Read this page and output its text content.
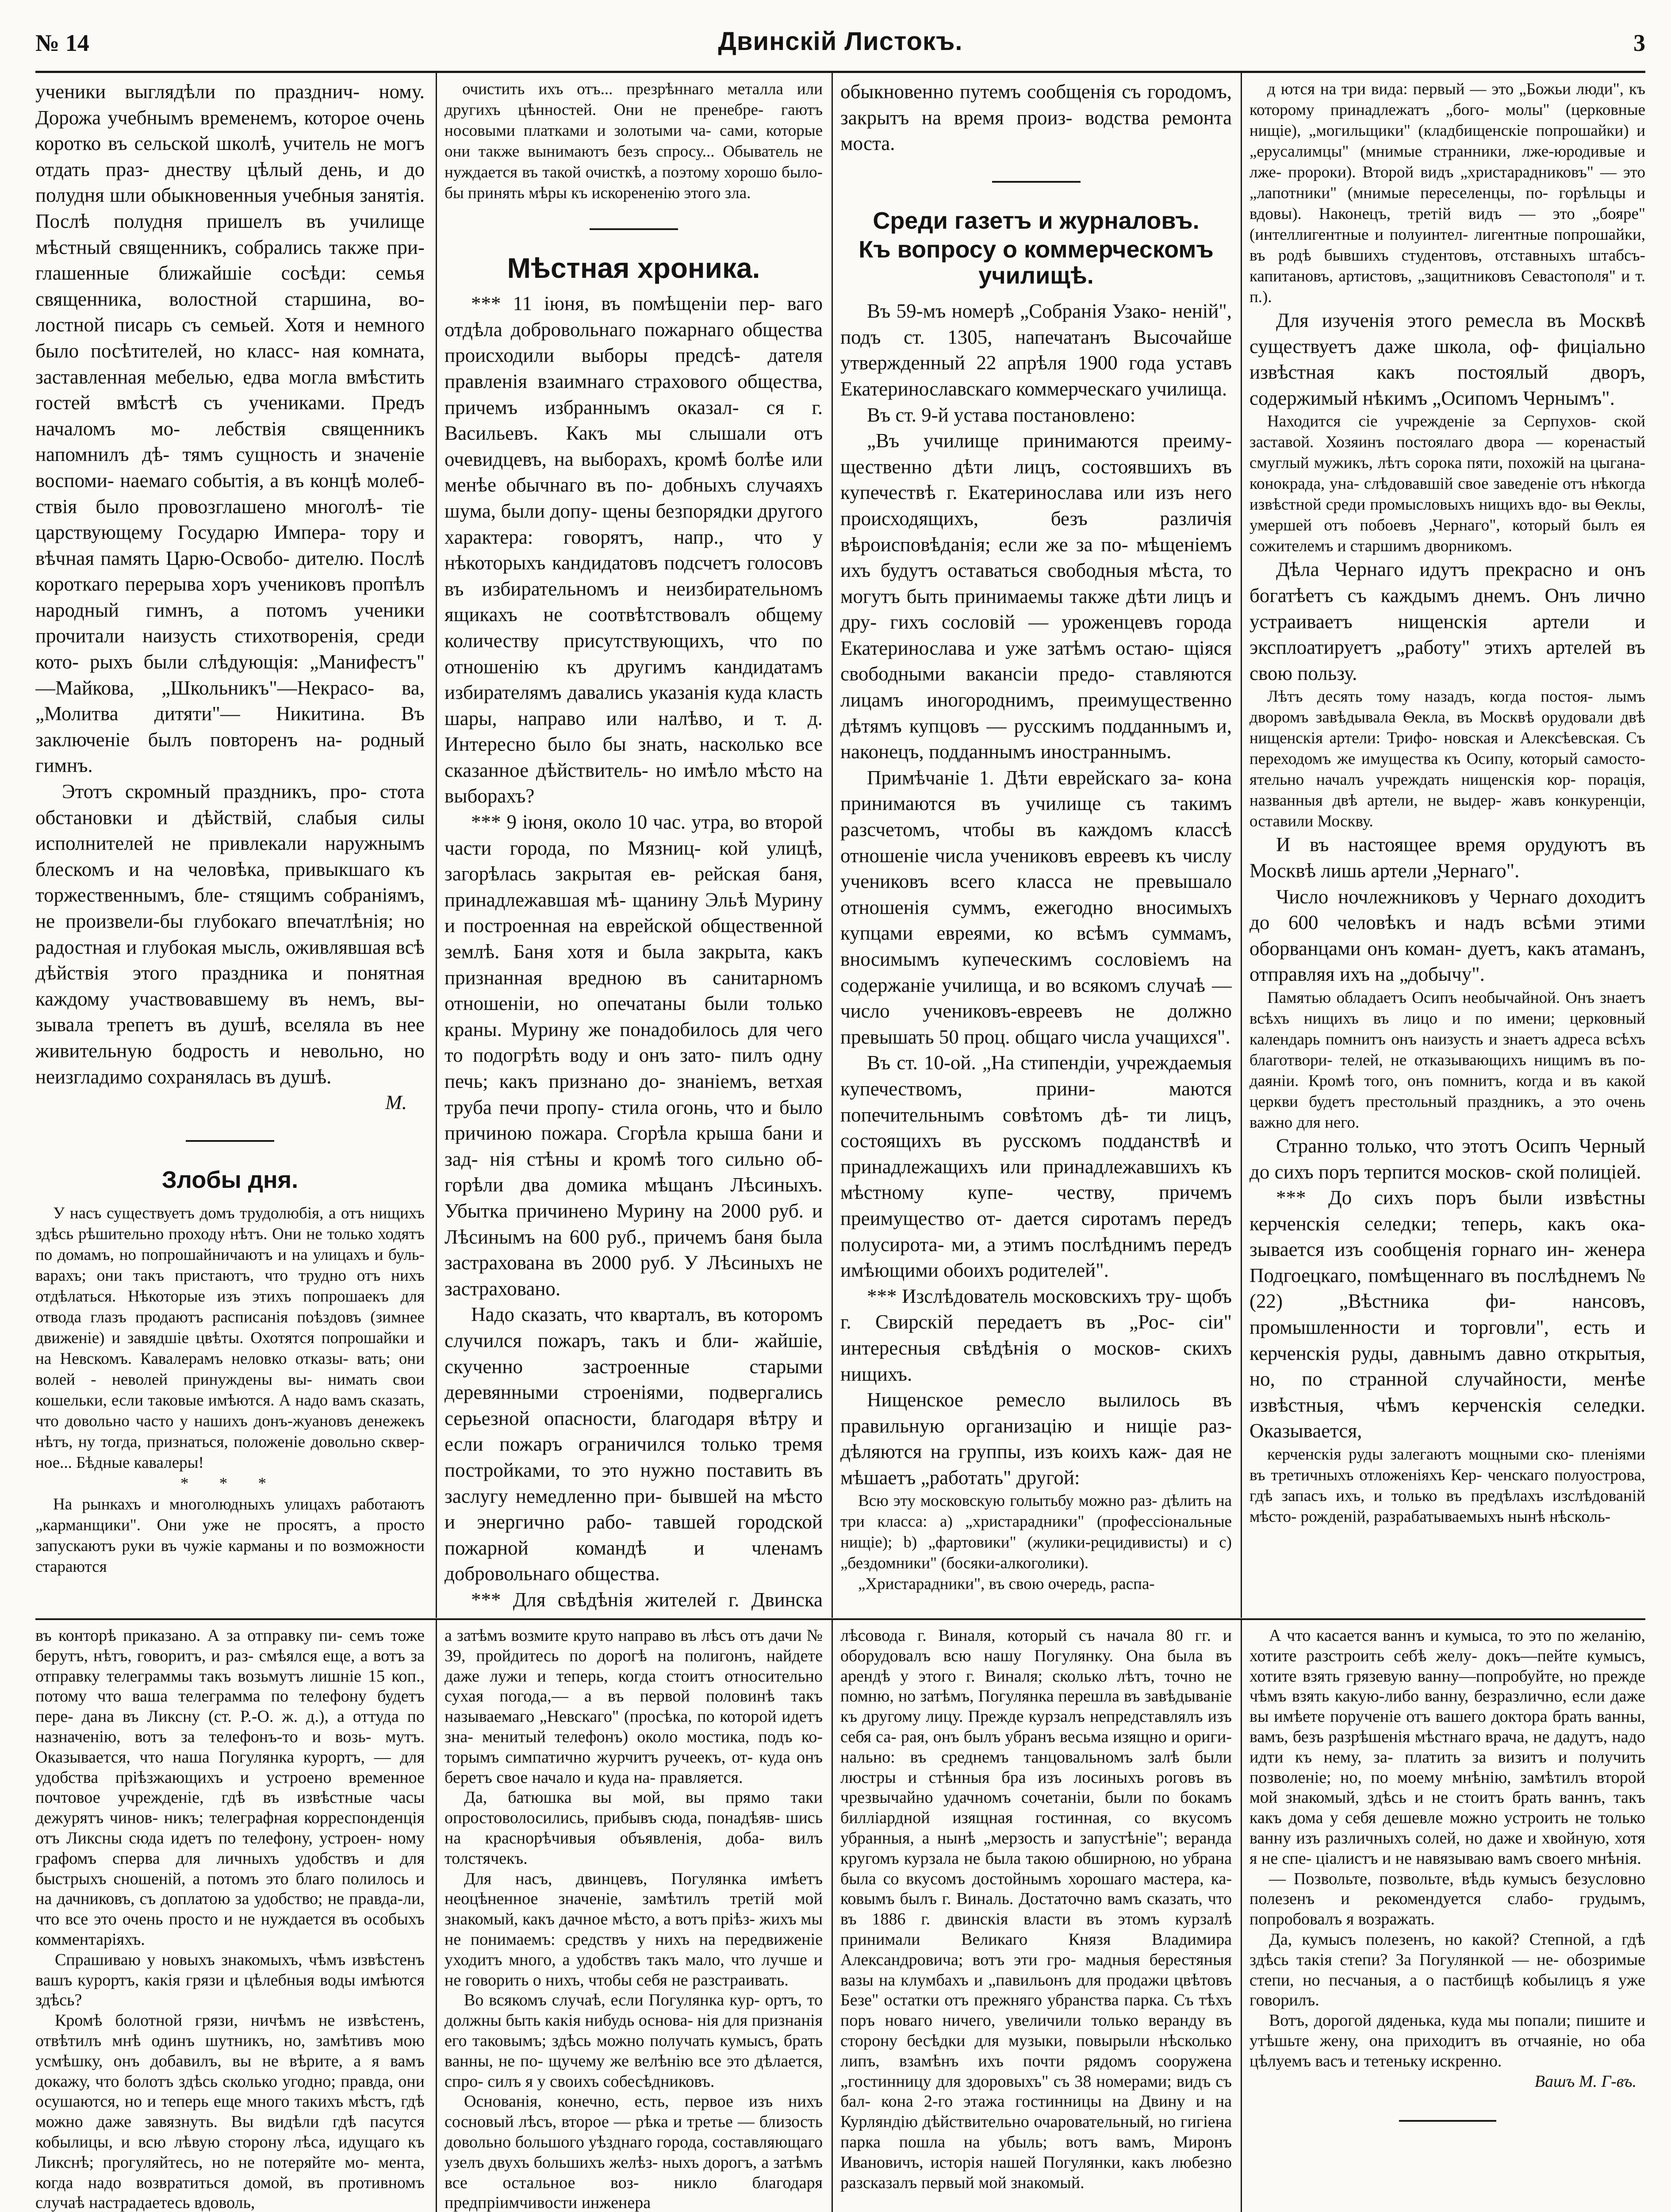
№ 14	Двинскій Листокъ.	3

ученики выглядѣли по празднич- ному. Дорожа учебнымъ временемъ, которое очень коротко въ сельской школѣ, учитель не могъ отдать праз- днеству цѣлый день, и до полудня шли обыкновенныя учебныя занятія. Послѣ полудня пришелъ въ училище мѣстный священникъ, собрались также при- глашенные ближайшіе сосѣди: семья священника, волостной старшина, во- лостной писарь съ семьей. Хотя и немного было посѣтителей, но класс- ная комната, заставленная мебелью, едва могла вмѣстить гостей вмѣстѣ съ учениками. Предъ началомъ мо- лебствія священникъ напомнилъ дѣ- тямъ сущность и значеніе воспоми- наемаго событія, а въ концѣ молеб- ствія было провозглашено многолѣ- тіе царствующему Государю Импера- тору и вѣчная память Царю-Освобо- дителю. Послѣ короткаго перерыва хоръ учениковъ пропѣлъ народный гимнъ, а потомъ ученики прочитали наизусть стихотворенія, среди кото- рыхъ были слѣдующія: „Манифестъ" —Майкова, „Школьникъ"—Некрасо- ва, „Молитва дитяти"— Никитина. Въ заключеніе былъ повторенъ на- родный гимнъ.

Этотъ скромный праздникъ, про- стота обстановки и дѣйствій, слабыя силы исполнителей не привлекали наружнымъ блескомъ и на человѣка, привыкшаго къ торжественнымъ, бле- стящимъ собраніямъ, не произвели-бы глубокаго впечатлѣнія; но радостная и глубокая мысль, оживлявшая всѣ дѣйствія этого праздника и понятная каждому участвовавшему въ немъ, вы- зывала трепетъ въ душѣ, вселяла въ нее живительную бодрость и невольно, но неизгладимо сохранялась въ душѣ.

М.
Злобы дня.

У насъ существуетъ домъ трудолюбія, а отъ нищихъ здѣсь рѣшительно проходу нѣтъ. Они не только ходятъ по домамъ, но попрошайничаютъ и на улицахъ и буль- варахъ; они такъ пристаютъ, что трудно отъ нихъ отдѣлаться. Нѣкоторые изъ этихъ попрошаекъ для отвода глазъ продаютъ расписанія поѣздовъ (зимнее движеніе) и завядшіе цвѣты. Охотятся попрошайки и на Невскомъ. Кавалерамъ неловко отказы- вать; они волей - неволей принуждены вы- нимать свои кошельки, если таковые имѣются. А надо вамъ сказать, что довольно часто у нашихъ донъ-жуановъ денежекъ нѣтъ, ну тогда, признаться, положеніе довольно сквер- ное... Бѣдные кавалеры!

* * *

На рынкахъ и многолюдныхъ улицахъ работаютъ „карманщики". Они уже не просятъ, а просто запускаютъ руки въ чужіе карманы и по возможности стараются

очистить ихъ отъ... презрѣннаго металла или другихъ цѣнностей. Они не пренебре- гаютъ носовыми платками и золотыми ча- сами, которые они также вынимаютъ безъ спросу... Обыватель не нуждается въ такой очисткѣ, а поэтому хорошо было-бы принять мѣры къ искорененію этого зла.

Мѣстная хроника.

*** 11 іюня, въ помѣщеніи пер- ваго отдѣла добровольнаго пожарнаго общества происходили выборы предсѣ- дателя правленія взаимнаго страхового общества, причемъ избраннымъ оказал- ся г. Васильевъ. Какъ мы слышали отъ очевидцевъ, на выборахъ, кромѣ болѣе или менѣе обычнаго въ по- добныхъ случаяхъ шума, были допу- щены безпорядки другого характера: говорятъ, напр., что у нѣкоторыхъ кандидатовъ подсчетъ голосовъ въ избирательномъ и неизбирательномъ ящикахъ не соотвѣтствовалъ общему количеству присутствующихъ, что по отношенію къ другимъ кандидатамъ избирателямъ давались указанія куда класть шары, направо или налѣво, и т. д. Интересно было бы знать, насколько все сказанное дѣйствитель- но имѣло мѣсто на выборахъ?

*** 9 іюня, около 10 час. утра, во второй части города, по Мязниц- кой улицѣ, загорѣлась закрытая ев- рейская баня, принадлежавшая мѣ- щанину Эльѣ Мурину и построенная на еврейской общественной землѣ. Баня хотя и была закрыта, какъ признанная вредною въ санитарномъ отношеніи, но опечатаны были только краны. Мурину же понадобилось для чего то подогрѣть воду и онъ зато- пилъ одну печь; какъ признано до- знаніемъ, ветхая труба печи пропу- стила огонь, что и было причиною пожара. Сгорѣла крыша бани и зад- нія стѣны и кромѣ того сильно об- горѣли два домика мѣщанъ Лѣсиныхъ. Убытка причинено Мурину на 2000 руб. и Лѣсинымъ на 600 руб., причемъ баня была застрахована въ 2000 руб. У Лѣсиныхъ не застраховано.

Надо сказать, что кварталъ, въ которомъ случился пожаръ, такъ и бли- жайшіе, скученно застроенные старыми деревянными строеніями, подвергались серьезной опасности, благодаря вѣтру и если пожаръ ограничился только тремя постройками, то это нужно поставить въ заслугу немедленно при- бывшей на мѣсто и энергично рабо- тавшей городской пожарной командѣ и членамъ добровольнаго общества.

*** Для свѣдѣнія жителей г. Двинска

обыкновенно путемъ сообщенія съ городомъ, закрытъ на время произ- водства ремонта моста.

Среди газетъ и журналовъ.
Къ вопросу о коммерческомъ училищѣ.

Въ 59-мъ номерѣ „Собранія Узако- неній", подъ ст. 1305, напечатанъ Высочайше утвержденный 22 апрѣля 1900 года уставъ Екатеринославскаго коммерческаго училища.

Въ ст. 9-й устава постановлено:

„Въ училище принимаются преиму- щественно дѣти лицъ, состоявшихъ въ купечествѣ г. Екатеринослава или изъ него происходящихъ, безъ различія вѣроисповѣданія; если же за по- мѣщеніемъ ихъ будутъ оставаться свободныя мѣста, то могутъ быть принимаемы также дѣти лицъ и дру- гихъ сословій — уроженцевъ города Екатеринослава и уже затѣмъ остаю- щіяся свободными вакансіи предо- ставляются лицамъ иногороднимъ, преимущественно дѣтямъ купцовъ — русскимъ подданнымъ и, наконецъ, подданнымъ иностраннымъ.

Примѣчаніе 1. Дѣти еврейскаго за- кона принимаются въ училище съ такимъ разсчетомъ, чтобы въ каждомъ классѣ отношеніе числа учениковъ евреевъ къ числу учениковъ всего класса не превышало отношенія суммъ, ежегодно вносимыхъ купцами евреями, ко всѣмъ суммамъ, вносимымъ купеческимъ сословіемъ на содержаніе училища, и во всякомъ случаѣ — число учениковъ-евреевъ не должно превышать 50 проц. общаго числа учащихся".

Въ ст. 10-ой. „На стипендіи, учреждаемыя купечествомъ, прини- маются попечительнымъ совѣтомъ дѣ- ти лицъ, состоящихъ въ русскомъ подданствѣ и принадлежащихъ или принадлежавшихъ къ мѣстному купе- честву, причемъ преимущество от- дается сиротамъ передъ полусирота- ми, а этимъ послѣднимъ передъ имѣющими обоихъ родителей".

*** Изслѣдователь московскихъ тру- щобъ г. Свирскій передаетъ въ „Рос- сіи" интересныя свѣдѣнія о москов- скихъ нищихъ.

Нищенское ремесло вылилось въ правильную организацію и нищіе раз- дѣляются на группы, изъ коихъ каж- дая не мѣшаетъ „работать" другой:

Всю эту московскую голытьбу можно раз- дѣлить на три класса: а) „христарадники" (профессіональные нищіе); b) „фартовики" (жулики-рецидивисты) и с) „бездомники" (босяки-алкоголики).

„Христарадники", въ свою очередь, распа-

д ются на три вида: первый — это „Божьи люди", къ которому принадлежатъ „бого- молы" (церковные нищіе), „могильщики" (кладбищенскіе попрошайки) и „ерусалимцы" (мнимые странники, лже-юродивые и лже- пророки). Второй видъ „христарадниковъ" — это „лапотники" (мнимые переселенцы, по- горѣльцы и вдовы). Наконецъ, третій видъ — это „бояре" (интеллигентные и полуинтел- лигентные попрошайки, въ родѣ бывшихъ студентовъ, отставныхъ штабсъ-капитановъ, артистовъ, „защитниковъ Севастополя" и т. п.).

Для изученія этого ремесла въ Москвѣ существуетъ даже школа, оф- фиціально извѣстная какъ постоялый дворъ, содержимый нѣкимъ „Осипомъ Чернымъ".

Находится сіе учрежденіе за Серпухов- ской заставой. Хозяинъ постоялаго двора — коренастый смуглый мужикъ, лѣтъ сорока пяти, похожій на цыгана-конокрада, уна- слѣдовавшій свое заведеніе отъ нѣкогда извѣстной среди промысловыхъ нищихъ вдо- вы Ѳеклы, умершей отъ побоевъ „Чернаго", который былъ ея сожителемъ и старшимъ дворникомъ.

Дѣла Чернаго идутъ прекрасно и онъ богатѣетъ съ каждымъ днемъ. Онъ лично устраиваетъ нищенскія артели и эксплоатируетъ „работу" этихъ артелей въ свою пользу.

Лѣтъ десять тому назадъ, когда постоя- лымъ дворомъ завѣдывала Ѳекла, въ Москвѣ орудовали двѣ нищенскія артели: Трифо- новская и Алексѣевская. Съ переходомъ же имущества къ Осипу, который самосто- ятельно началъ учреждать нищенскія кор- порація, названныя двѣ артели, не выдер- жавъ конкуренціи, оставили Москву.

И въ настоящее время орудуютъ въ Москвѣ лишь артели „Чернаго".

Число ночлежниковъ у Чернаго доходитъ до 600 человѣкъ и надъ всѣми этими оборванцами онъ коман- дуетъ, какъ атаманъ, отправляя ихъ на „добычу".

Памятью обладаетъ Осипъ необычайной. Онъ знаетъ всѣхъ нищихъ въ лицо и по имени; церковный календарь помнитъ онъ наизусть и знаетъ адреса всѣхъ благотвори- телей, не отказывающихъ нищимъ въ по- даяніи. Кромѣ того, онъ помнитъ, когда и въ какой церкви будетъ престольный праздникъ, а это очень важно для него.

Странно только, что этотъ Осипъ Черный до сихъ поръ терпится москов- ской полиціей.

*** До сихъ поръ были извѣстны керченскія селедки; теперь, какъ ока- зывается изъ сообщенія горнаго ин- женера Подгоецкаго, помѣщеннаго въ послѣднемъ № (22) „Вѣстника фи- нансовъ, промышленности и торговли", есть и керченскія руды, давнымъ давно открытыя, но, по странной случайности, менѣе извѣстныя, чѣмъ керченскія селедки. Оказывается,

керченскія руды залегаютъ мощными ско- пленіями въ третичныхъ отложеніяхъ Кер- ченскаго полуострова, гдѣ запасъ ихъ, и только въ предѣлахъ изслѣдованій мѣсто- рожденій, разрабатываемыхъ нынѣ нѣсколь-

въ конторѣ приказано. А за отправку пи- семъ тоже берутъ, нѣтъ, говоритъ, и раз- смѣялся еще, а вотъ за отправку телеграммы такъ возьмутъ лишніе 15 коп., потому что ваша телеграмма по телефону будетъ пере- дана въ Ликсну (ст. Р.-О. ж. д.), а оттуда по назначенію, вотъ за телефонъ-то и возь- мутъ. Оказывается, что наша Погулянка курортъ, — для удобства пріѣзжающихъ и устроено временное почтовое учрежденіе, гдѣ въ извѣстные часы дежурятъ чинов- никъ; телеграфная корреспонденція отъ Ликсны сюда идетъ по телефону, устроен- ному графомъ сперва для личныхъ удобствъ и для быстрыхъ сношеній, а потомъ это благо полилось и на дачниковъ, съ доплатою за удобство; не правда-ли, что все это очень просто и не нуждается въ особыхъ комментаріяхъ.

Спрашиваю у новыхъ знакомыхъ, чѣмъ извѣстенъ вашъ курортъ, какія грязи и цѣлебныя воды имѣются здѣсь?

Кромѣ болотной грязи, ничѣмъ не извѣстенъ, отвѣтилъ мнѣ одинъ шутникъ, но, замѣтивъ мою усмѣшку, онъ добавилъ, вы не вѣрите, а я вамъ докажу, что болотъ здѣсь сколько угодно; правда, они осушаются, но и теперь еще много такихъ мѣстъ, гдѣ можно даже завязнуть. Вы видѣли гдѣ пасутся кобылицы, и всю лѣвую сторону лѣса, идущаго къ Ликснѣ; прогуляйтесь, но не потеряйте мо- мента, когда надо возвратиться домой, въ противномъ случаѣ настрадаетесь вдоволь,

а затѣмъ возмите круто направо въ лѣсъ отъ дачи № 39, пройдитесь по дорогѣ на полигонъ, найдете даже лужи и теперь, когда стоитъ относительно сухая погода,— а въ первой половинѣ такъ называемаго „Невскаго" (просѣка, по которой идетъ зна- менитый телефонъ) около мостика, подъ ко- торымъ симпатично журчитъ ручеекъ, от- куда онъ беретъ свое начало и куда на- правляется.

Да, батюшка вы мой, вы прямо таки опростоволосились, прибывъ сюда, понадѣяв- шись на краснорѣчивыя объявленія, доба- вилъ толстячекъ.

Для насъ, двинцевъ, Погулянка имѣетъ неоцѣненное значеніе, замѣтилъ третій мой знакомый, какъ дачное мѣсто, а вотъ пріѣз- жихъ мы не понимаемъ: средствъ у нихъ на передвиженіе уходитъ много, а удобствъ такъ мало, что лучше и не говорить о нихъ, чтобы себя не разстраивать.

Во всякомъ случаѣ, если Погулянка кур- ортъ, то должны быть какія нибудь основа- нія для признанія его таковымъ; здѣсь можно получать кумысъ, брать ванны, не по- щучему же велѣнію все это дѣлается, спро- силъ я у своихъ собесѣдниковъ.

Основанія, конечно, есть, первое изъ нихъ сосновый лѣсъ, второе — рѣка и третье — близость довольно большого уѣзднаго города, составляющаго узелъ двухъ большихъ желѣз- ныхъ дорогъ, а затѣмъ все остальное воз- никло благодаря предпріимчивости инженера

лѣсовода г. Виналя, который съ начала 80 гг. и оборудовалъ всю нашу Погулянку. Она была въ арендѣ у этого г. Виналя; сколько лѣтъ, точно не помню, но затѣмъ, Погулянка перешла въ завѣдываніе къ другому лицу. Прежде курзалъ непредставлялъ изъ себя са- рая, онъ былъ убранъ весьма изящно и ориги- нально: въ среднемъ танцовальномъ залѣ были люстры и стѣнныя бра изъ лосиныхъ роговъ въ чрезвычайно удачномъ сочетаніи, были по бокамъ билліардной изящная гостинная, со вкусомъ убранныя, а нынѣ „мерзость и запустѣніе"; веранда кругомъ курзала не была такою обширною, но убрана была со вкусомъ достойнымъ хорошаго мастера, ка- ковымъ былъ г. Виналь. Достаточно вамъ сказать, что въ 1886 г. двинскія власти въ этомъ курзалѣ принимали Великаго Князя Владимира Александровича; вотъ эти гро- мадныя берестяныя вазы на клумбахъ и „павильонъ для продажи цвѣтовъ Безе" остатки отъ прежняго убранства парка. Съ тѣхъ поръ новаго ничего, увеличили только веранду въ сторону бесѣдки для музыки, повырыли нѣсколько липъ, взамѣнъ ихъ почти рядомъ сооружена „гостинницу для здоровыхъ" съ 38 номерами; видъ съ бал- кона 2-го этажа гостинницы на Двину и на Курляндію дѣйствительно очаровательный, но гигіена парка пошла на убыль; вотъ вамъ, Миронъ Ивановичъ, исторія нашей Погулянки, какъ любезно разсказалъ первый мой знакомый.

А что касается ваннъ и кумыса, то это по желанію, хотите разстроить себѣ желу- докъ—пейте кумысъ, хотите взять грязевую ванну—попробуйте, но прежде чѣмъ взять какую-либо ванну, безразлично, если даже вы имѣете порученіе отъ вашего доктора брать ванны, вамъ, безъ разрѣшенія мѣстнаго врача, не дадутъ, надо идти къ нему, за- платить за визитъ и получить позволеніе; но, по моему мнѣнію, замѣтилъ второй мой знакомый, здѣсь и не стоитъ брать ваннъ, такъ какъ дома у себя дешевле можно устроить не только ванну изъ различныхъ солей, но даже и хвойную, хотя я не спе- ціалистъ и не навязываю вамъ своего мнѣнія.

— Позвольте, позвольте, вѣдь кумысъ безусловно полезенъ и рекомендуется слабо- грудымъ, попробовалъ я возражать.

Да, кумысъ полезенъ, но какой? Степной, а гдѣ здѣсь такія степи? За Погулянкой — не- обозримые степи, но песчаныя, а о пастбищѣ кобылицъ я уже говорилъ.

Вотъ, дорогой дяденька, куда мы попали; пишите и утѣшьте жену, она приходитъ въ отчаяніе, но оба цѣлуемъ васъ и тетеньку искренно.

Вашъ М. Г-въ.
